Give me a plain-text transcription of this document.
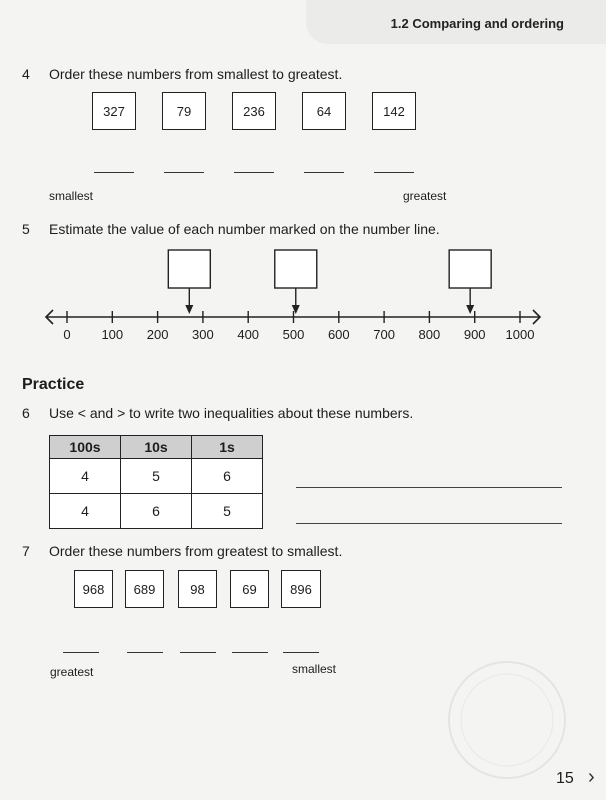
1.2 Comparing and ordering
4 Order these numbers from smallest to greatest.
327	79	236	64	142
smallest	greatest
5 Estimate the value of each number marked on the number line.
0 100 200 300 400 500 600 700 800 900 1000
Practice
6 Use < and > to write two inequalities about these numbers.
100s	10s	1s
4	5	6
4	6	5
7 Order these numbers from greatest to smallest.
968	689	98	69	896
greatest	smallest
15 ›
